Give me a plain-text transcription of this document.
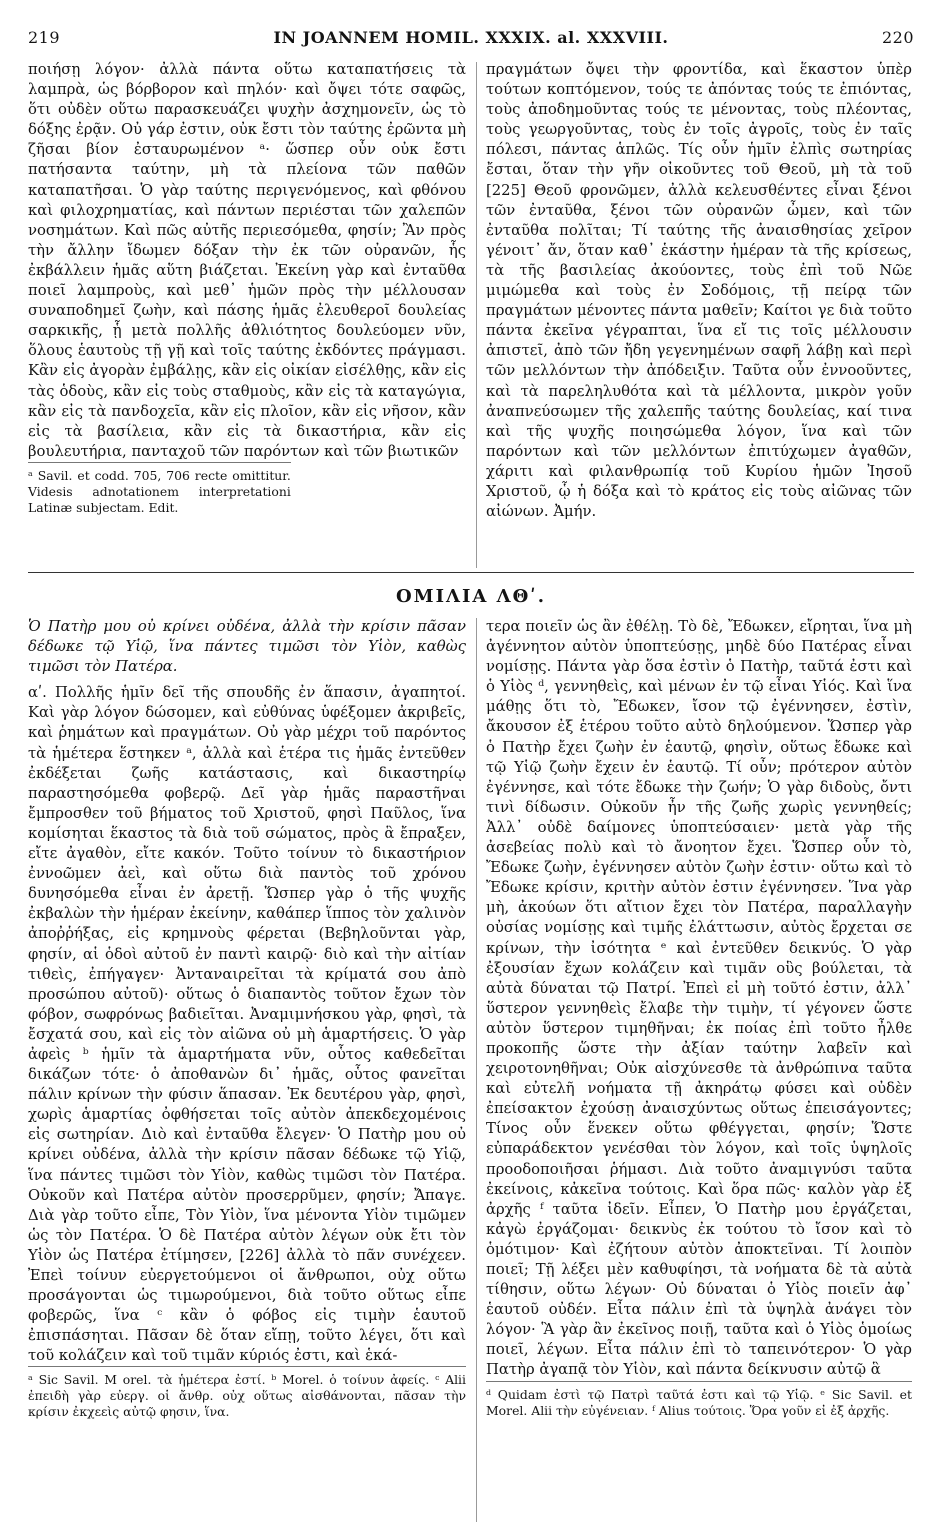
219	IN JOANNEM HOMIL. XXXIX. al. XXXVIII.	220

ποιήσῃ λόγον· ἀλλὰ πάντα οὕτω καταπατήσεις τὰ λαμπρὰ, ὡς βόρβορον καὶ πηλόν· καὶ ὄψει τότε σαφῶς, ὅτι οὐδὲν οὕτω παρασκευάζει ψυχὴν ἀσχημονεῖν, ὡς τὸ δόξης ἐρᾷν. Οὐ γάρ ἐστιν, οὐκ ἔστι τὸν ταύτης ἐρῶντα μὴ ζῆσαι βίον ἐσταυρωμένον ᵃ· ὥσπερ οὖν οὐκ ἔστι πατήσαντα ταύτην, μὴ τὰ πλείονα τῶν παθῶν καταπατῆσαι. Ὁ γὰρ ταύτης περιγενόμενος, καὶ φθόνου καὶ φιλοχρηματίας, καὶ πάντων περιέσται τῶν χαλεπῶν νοσημάτων. Καὶ πῶς αὐτῆς περιεσόμεθα, φησίν; Ἂν πρὸς τὴν ἄλλην ἴδωμεν δόξαν τὴν ἐκ τῶν οὐρανῶν, ἧς ἐκβάλλειν ἡμᾶς αὕτη βιάζεται. Ἐκείνη γὰρ καὶ ἐνταῦθα ποιεῖ λαμπροὺς, καὶ μεθ᾽ ἡμῶν πρὸς τὴν μέλλουσαν συναποδημεῖ ζωὴν, καὶ πάσης ἡμᾶς ἐλευθεροῖ δουλείας σαρκικῆς, ᾗ μετὰ πολλῆς ἀθλιότητος δουλεύομεν νῦν, ὅλους ἑαυτοὺς τῇ γῇ καὶ τοῖς ταύτης ἐκδόντες πράγμασι. Κἂν εἰς ἀγορὰν ἐμβάλῃς, κἂν εἰς οἰκίαν εἰσέλθῃς, κἂν εἰς τὰς ὁδοὺς, κἂν εἰς τοὺς σταθμοὺς, κἂν εἰς τὰ καταγώγια, κἂν εἰς τὰ πανδοχεῖα, κἂν εἰς πλοῖον, κἂν εἰς νῆσον, κἂν εἰς τὰ βασίλεια, κἂν εἰς τὰ δικαστήρια, κἂν εἰς βουλευτήρια, πανταχοῦ τῶν παρόντων καὶ τῶν βιωτικῶν

ᵃ Savil. et codd. 705, 706 recte omittitur. Videsis adnotationem interpretationi Latinæ subjectam. Edit.

πραγμάτων ὄψει τὴν φροντίδα, καὶ ἕκαστον ὑπὲρ τούτων κοπτόμενον, τούς τε ἀπόντας τούς τε ἐπιόντας, τοὺς ἀποδημοῦντας τούς τε μένοντας, τοὺς πλέοντας, τοὺς γεωργοῦντας, τοὺς ἐν τοῖς ἀγροῖς, τοὺς ἐν ταῖς πόλεσι, πάντας ἁπλῶς. Τίς οὖν ἡμῖν ἐλπὶς σωτηρίας ἔσται, ὅταν τὴν γῆν οἰκοῦντες τοῦ Θεοῦ, μὴ τὰ τοῦ [225] Θεοῦ φρονῶμεν, ἀλλὰ κελευσθέντες εἶναι ξένοι τῶν ἐνταῦθα, ξένοι τῶν οὐρανῶν ὦμεν, καὶ τῶν ἐνταῦθα πολῖται; Τί ταύτης τῆς ἀναισθησίας χεῖρον γένοιτ᾽ ἄν, ὅταν καθ᾽ ἑκάστην ἡμέραν τὰ τῆς κρίσεως, τὰ τῆς βασιλείας ἀκούοντες, τοὺς ἐπὶ τοῦ Νῶε μιμώμεθα καὶ τοὺς ἐν Σοδόμοις, τῇ πείρᾳ τῶν πραγμάτων μένοντες πάντα μαθεῖν; Καίτοι γε διὰ τοῦτο πάντα ἐκεῖνα γέγραπται, ἵνα εἴ τις τοῖς μέλλουσιν ἀπιστεῖ, ἀπὸ τῶν ἤδη γεγενημένων σαφῆ λάβῃ καὶ περὶ τῶν μελλόντων τὴν ἀπόδειξιν. Ταῦτα οὖν ἐννοοῦντες, καὶ τὰ παρεληλυθότα καὶ τὰ μέλλοντα, μικρὸν γοῦν ἀναπνεύσωμεν τῆς χαλεπῆς ταύτης δουλείας, καί τινα καὶ τῆς ψυχῆς ποιησώμεθα λόγον, ἵνα καὶ τῶν παρόντων καὶ τῶν μελλόντων ἐπιτύχωμεν ἀγαθῶν, χάριτι καὶ φιλανθρωπίᾳ τοῦ Κυρίου ἡμῶν Ἰησοῦ Χριστοῦ, ᾧ ἡ δόξα καὶ τὸ κράτος εἰς τοὺς αἰῶνας τῶν αἰώνων. Ἀμήν.

ΟΜΙΛΙΑ ΛΘʹ.

Ὁ Πατὴρ μου οὐ κρίνει οὐδένα, ἀλλὰ τὴν κρίσιν πᾶσαν δέδωκε τῷ Υἱῷ, ἵνα πάντες τιμῶσι τὸν Υἱὸν, καθὼς τιμῶσι τὸν Πατέρα.

αʹ. Πολλῆς ἡμῖν δεῖ τῆς σπουδῆς ἐν ἅπασιν, ἀγαπητοί. Καὶ γὰρ λόγον δώσομεν, καὶ εὐθύνας ὑφέξομεν ἀκριβεῖς, καὶ ῥημάτων καὶ πραγμάτων. Οὐ γὰρ μέχρι τοῦ παρόντος τὰ ἡμέτερα ἕστηκεν ᵃ, ἀλλὰ καὶ ἑτέρα τις ἡμᾶς ἐντεῦθεν ἐκδέξεται ζωῆς κατάστασις, καὶ δικαστηρίῳ παραστησόμεθα φοβερῷ. Δεῖ γὰρ ἡμᾶς παραστῆναι ἔμπροσθεν τοῦ βήματος τοῦ Χριστοῦ, φησὶ Παῦλος, ἵνα κομίσηται ἕκαστος τὰ διὰ τοῦ σώματος, πρὸς ἃ ἔπραξεν, εἴτε ἀγαθὸν, εἴτε κακόν. Τοῦτο τοίνυν τὸ δικαστήριον ἐννοῶμεν ἀεὶ, καὶ οὕτω διὰ παντὸς τοῦ χρόνου δυνησόμεθα εἶναι ἐν ἀρετῇ. Ὥσπερ γὰρ ὁ τῆς ψυχῆς ἐκβαλὼν τὴν ἡμέραν ἐκείνην, καθάπερ ἵππος τὸν χαλινὸν ἀποῤῥήξας, εἰς κρημνοὺς φέρεται (Βεβηλοῦνται γὰρ, φησίν, αἱ ὁδοὶ αὐτοῦ ἐν παντὶ καιρῷ· διὸ καὶ τὴν αἰτίαν τιθεὶς, ἐπήγαγεν· Ἀνταναιρεῖται τὰ κρίματά σου ἀπὸ προσώπου αὐτοῦ)· οὕτως ὁ διαπαντὸς τοῦτον ἔχων τὸν φόβον, σωφρόνως βαδιεῖται. Ἀναμιμνήσκου γὰρ, φησὶ, τὰ ἔσχατά σου, καὶ εἰς τὸν αἰῶνα οὐ μὴ ἁμαρτήσεις. Ὁ γὰρ ἀφεὶς ᵇ ἡμῖν τὰ ἁμαρτήματα νῦν, οὗτος καθεδεῖται δικάζων τότε· ὁ ἀποθανὼν δι᾽ ἡμᾶς, οὗτος φανεῖται πάλιν κρίνων τὴν φύσιν ἅπασαν. Ἐκ δευτέρου γὰρ, φησὶ, χωρὶς ἁμαρτίας ὀφθήσεται τοῖς αὐτὸν ἀπεκδεχομένοις εἰς σωτηρίαν. Διὸ καὶ ἐνταῦθα ἔλεγεν· Ὁ Πατὴρ μου οὐ κρίνει οὐδένα, ἀλλὰ τὴν κρίσιν πᾶσαν δέδωκε τῷ Υἱῷ, ἵνα πάντες τιμῶσι τὸν Υἱὸν, καθὼς τιμῶσι τὸν Πατέρα. Οὐκοῦν καὶ Πατέρα αὐτὸν προσερρῦμεν, φησίν; Ἄπαγε. Διὰ γὰρ τοῦτο εἶπε, Τὸν Υἱὸν, ἵνα μένοντα Υἱὸν τιμῶμεν ὡς τὸν Πατέρα. Ὁ δὲ Πατέρα αὐτὸν λέγων οὐκ ἔτι τὸν Υἱὸν ὡς Πατέρα ἐτίμησεν, [226] ἀλλὰ τὸ πᾶν συνέχεεν. Ἐπεὶ τοίνυν εὐεργετούμενοι οἱ ἄνθρωποι, οὐχ οὕτω προσάγονται ὡς τιμωρούμενοι, διὰ τοῦτο οὕτως εἶπε φοβερῶς, ἵνα ᶜ κἂν ὁ φόβος εἰς τιμὴν ἑαυτοῦ ἐπισπάσηται. Πᾶσαν δὲ ὅταν εἴπῃ, τοῦτο λέγει, ὅτι καὶ τοῦ κολάζειν καὶ τοῦ τιμᾶν κύριός ἐστι, καὶ ἑκά-

ᵃ Sic Savil. M orel. τὰ ἡμέτερα ἐστί. ᵇ Morel. ὁ τοίνυν ἀφείς. ᶜ Alii ἐπειδὴ γὰρ εὐεργ. οἱ ἄνθρ. οὐχ οὕτως αἰσθάνονται, πᾶσαν τὴν κρίσιν ἐκχεεὶς αὐτῷ φησιν, ἵνα.

τερα ποιεῖν ὡς ἂν ἐθέλῃ. Τὸ δὲ, Ἔδωκεν, εἴρηται, ἵνα μὴ ἀγέννητον αὐτὸν ὑποπτεύσῃς, μηδὲ δύο Πατέρας εἶναι νομίσῃς. Πάντα γὰρ ὅσα ἐστὶν ὁ Πατὴρ, ταῦτά ἐστι καὶ ὁ Υἱὸς ᵈ, γεννηθεὶς, καὶ μένων ἐν τῷ εἶναι Υἱός. Καὶ ἵνα μάθῃς ὅτι τὸ, Ἔδωκεν, ἴσον τῷ ἐγέννησεν, ἐστὶν, ἄκουσον ἐξ ἑτέρου τοῦτο αὐτὸ δηλούμενον. Ὥσπερ γὰρ ὁ Πατὴρ ἔχει ζωὴν ἐν ἑαυτῷ, φησὶν, οὕτως ἔδωκε καὶ τῷ Υἱῷ ζωὴν ἔχειν ἐν ἑαυτῷ. Τί οὖν; πρότερον αὐτὸν ἐγέννησε, καὶ τότε ἔδωκε τὴν ζωήν; Ὁ γὰρ διδοὺς, ὄντι τινὶ δίδωσιν. Οὐκοῦν ἦν τῆς ζωῆς χωρὶς γεννηθείς; Ἀλλ᾽ οὐδὲ δαίμονες ὑποπτεύσαιεν· μετὰ γὰρ τῆς ἀσεβείας πολὺ καὶ τὸ ἄνοητον ἔχει. Ὥσπερ οὖν τὸ, Ἔδωκε ζωὴν, ἐγέννησεν αὐτὸν ζωὴν ἐστιν· οὕτω καὶ τὸ Ἔδωκε κρίσιν, κριτὴν αὐτὸν ἐστιν ἐγέννησεν. Ἵνα γὰρ μὴ, ἀκούων ὅτι αἴτιον ἔχει τὸν Πατέρα, παραλλαγὴν οὐσίας νομίσῃς καὶ τιμῆς ἐλάττωσιν, αὐτὸς ἔρχεται σε κρίνων, τὴν ἰσότητα ᵉ καὶ ἐντεῦθεν δεικνύς. Ὁ γὰρ ἐξουσίαν ἔχων κολάζειν καὶ τιμᾶν οὓς βούλεται, τὰ αὐτὰ δύναται τῷ Πατρί. Ἐπεὶ εἰ μὴ τοῦτό ἐστιν, ἀλλ᾽ ὕστερον γεννηθεὶς ἔλαβε τὴν τιμὴν, τί γέγονεν ὥστε αὐτὸν ὕστερον τιμηθῆναι; ἐκ ποίας ἐπὶ τοῦτο ἦλθε προκοπῆς ὥστε τὴν ἀξίαν ταύτην λαβεῖν καὶ χειροτονηθῆναι; Οὐκ αἰσχύνεσθε τὰ ἀνθρώπινα ταῦτα καὶ εὐτελῆ νοήματα τῇ ἀκηράτῳ φύσει καὶ οὐδὲν ἐπείσακτον ἐχούσῃ ἀναισχύντως οὕτως ἐπεισάγοντες; Τίνος οὖν ἕνεκεν οὕτω φθέγγεται, φησίν; Ὥστε εὐπαράδεκτον γενέσθαι τὸν λόγον, καὶ τοῖς ὑψηλοῖς προοδοποιῆσαι ῥήμασι. Διὰ τοῦτο ἀναμιγνύσι ταῦτα ἐκείνοις, κἀκεῖνα τούτοις. Καὶ ὅρα πῶς· καλὸν γὰρ ἐξ ἀρχῆς ᶠ ταῦτα ἰδεῖν. Εἶπεν, Ὁ Πατὴρ μου ἐργάζεται, κἀγὼ ἐργάζομαι· δεικνὺς ἐκ τούτου τὸ ἴσον καὶ τὸ ὁμότιμον· Καὶ ἐζήτουν αὐτὸν ἀποκτεῖναι. Τί λοιπὸν ποιεῖ; Τῇ λέξει μὲν καθυφίησι, τὰ νοήματα δὲ τὰ αὐτὰ τίθησιν, οὕτω λέγων· Οὐ δύναται ὁ Υἱὸς ποιεῖν ἀφ᾽ ἑαυτοῦ οὐδέν. Εἶτα πάλιν ἐπὶ τὰ ὑψηλὰ ἀνάγει τὸν λόγον· Ἃ γὰρ ἂν ἐκεῖνος ποιῇ, ταῦτα καὶ ὁ Υἱὸς ὁμοίως ποιεῖ, λέγων. Εἶτα πάλιν ἐπὶ τὸ ταπεινότερον· Ὁ γὰρ Πατὴρ ἀγαπᾷ τὸν Υἱὸν, καὶ πάντα δείκνυσιν αὐτῷ ἃ

ᵈ Quidam ἐστὶ τῷ Πατρὶ ταῦτά ἐστι καὶ τῷ Υἱῷ. ᵉ Sic Savil. et Morel. Alii τὴν εὐγένειαν. ᶠ Alius τούτοις. Ὅρα γοῦν εἰ ἐξ ἀρχῆς.
